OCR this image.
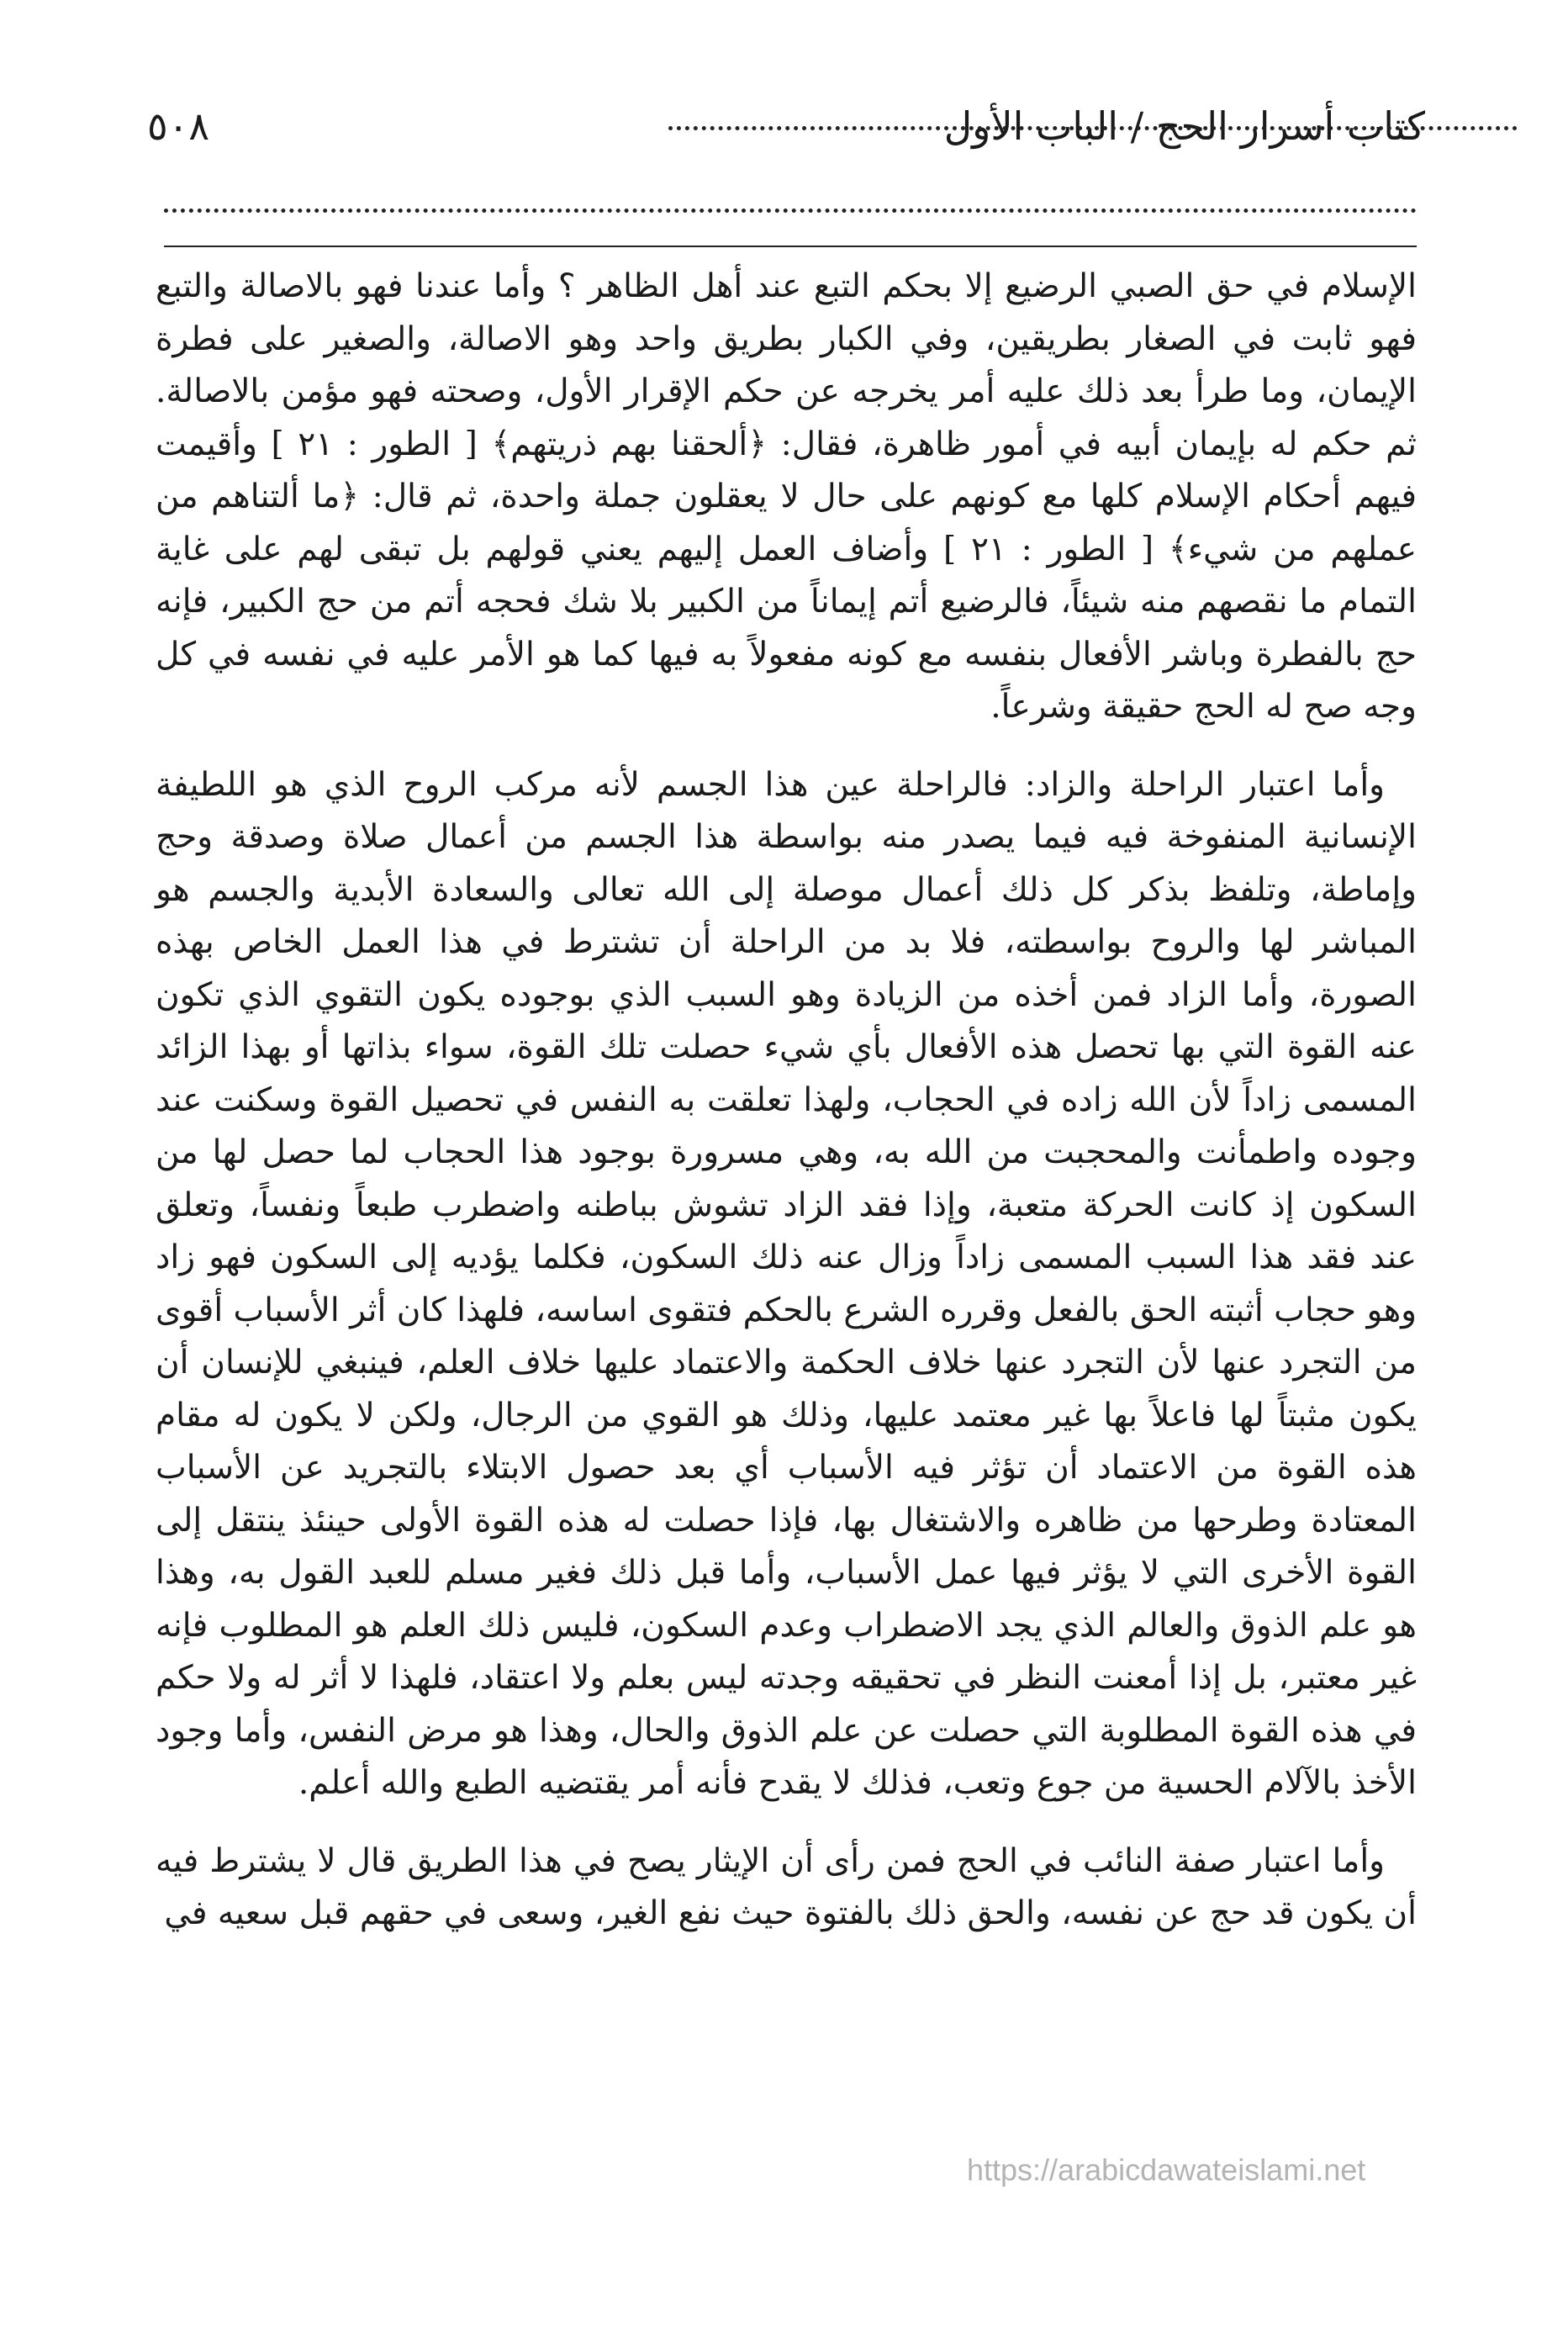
٥٠٨	كتاب أسرار الحج / الباب الأول

الإسلام في حق الصبي الرضيع إلا بحكم التبع عند أهل الظاهر ؟ وأما عندنا فهو بالاصالة والتبع فهو ثابت في الصغار بطريقين، وفي الكبار بطريق واحد وهو الاصالة، والصغير على فطرة الإيمان، وما طرأ بعد ذلك عليه أمر يخرجه عن حكم الإقرار الأول، وصحته فهو مؤمن بالاصالة. ثم حكم له بإيمان أبيه في أمور ظاهرة، فقال: ﴿ألحقنا بهم ذريتهم﴾ [ الطور : ٢١ ] وأقيمت فيهم أحكام الإسلام كلها مع كونهم على حال لا يعقلون جملة واحدة، ثم قال: ﴿ما ألتناهم من عملهم من شيء﴾ [ الطور : ٢١ ] وأضاف العمل إليهم يعني قولهم بل تبقى لهم على غاية التمام ما نقصهم منه شيئاً، فالرضيع أتم إيماناً من الكبير بلا شك فحجه أتم من حج الكبير، فإنه حج بالفطرة وباشر الأفعال بنفسه مع كونه مفعولاً به فيها كما هو الأمر عليه في نفسه في كل وجه صح له الحج حقيقة وشرعاً.

وأما اعتبار الراحلة والزاد: فالراحلة عين هذا الجسم لأنه مركب الروح الذي هو اللطيفة الإنسانية المنفوخة فيه فيما يصدر منه بواسطة هذا الجسم من أعمال صلاة وصدقة وحج وإماطة، وتلفظ بذكر كل ذلك أعمال موصلة إلى الله تعالى والسعادة الأبدية والجسم هو المباشر لها والروح بواسطته، فلا بد من الراحلة أن تشترط في هذا العمل الخاص بهذه الصورة، وأما الزاد فمن أخذه من الزيادة وهو السبب الذي بوجوده يكون التقوي الذي تكون عنه القوة التي بها تحصل هذه الأفعال بأي شيء حصلت تلك القوة، سواء بذاتها أو بهذا الزائد المسمى زاداً لأن الله زاده في الحجاب، ولهذا تعلقت به النفس في تحصيل القوة وسكنت عند وجوده واطمأنت والمحجبت من الله به، وهي مسرورة بوجود هذا الحجاب لما حصل لها من السكون إذ كانت الحركة متعبة، وإذا فقد الزاد تشوش بباطنه واضطرب طبعاً ونفساً، وتعلق عند فقد هذا السبب المسمى زاداً وزال عنه ذلك السكون، فكلما يؤديه إلى السكون فهو زاد وهو حجاب أثبته الحق بالفعل وقرره الشرع بالحكم فتقوى اساسه، فلهذا كان أثر الأسباب أقوى من التجرد عنها لأن التجرد عنها خلاف الحكمة والاعتماد عليها خلاف العلم، فينبغي للإنسان أن يكون مثبتاً لها فاعلاً بها غير معتمد عليها، وذلك هو القوي من الرجال، ولكن لا يكون له مقام هذه القوة من الاعتماد أن تؤثر فيه الأسباب أي بعد حصول الابتلاء بالتجريد عن الأسباب المعتادة وطرحها من ظاهره والاشتغال بها، فإذا حصلت له هذه القوة الأولى حينئذ ينتقل إلى القوة الأخرى التي لا يؤثر فيها عمل الأسباب، وأما قبل ذلك فغير مسلم للعبد القول به، وهذا هو علم الذوق والعالم الذي يجد الاضطراب وعدم السكون، فليس ذلك العلم هو المطلوب فإنه غير معتبر، بل إذا أمعنت النظر في تحقيقه وجدته ليس بعلم ولا اعتقاد، فلهذا لا أثر له ولا حكم في هذه القوة المطلوبة التي حصلت عن علم الذوق والحال، وهذا هو مرض النفس، وأما وجود الأخذ بالآلام الحسية من جوع وتعب، فذلك لا يقدح فأنه أمر يقتضيه الطبع والله أعلم.

وأما اعتبار صفة النائب في الحج فمن رأى أن الإيثار يصح في هذا الطريق قال لا يشترط فيه أن يكون قد حج عن نفسه، والحق ذلك بالفتوة حيث نفع الغير، وسعى في حقهم قبل سعيه في

https://arabicdawateislami.net
